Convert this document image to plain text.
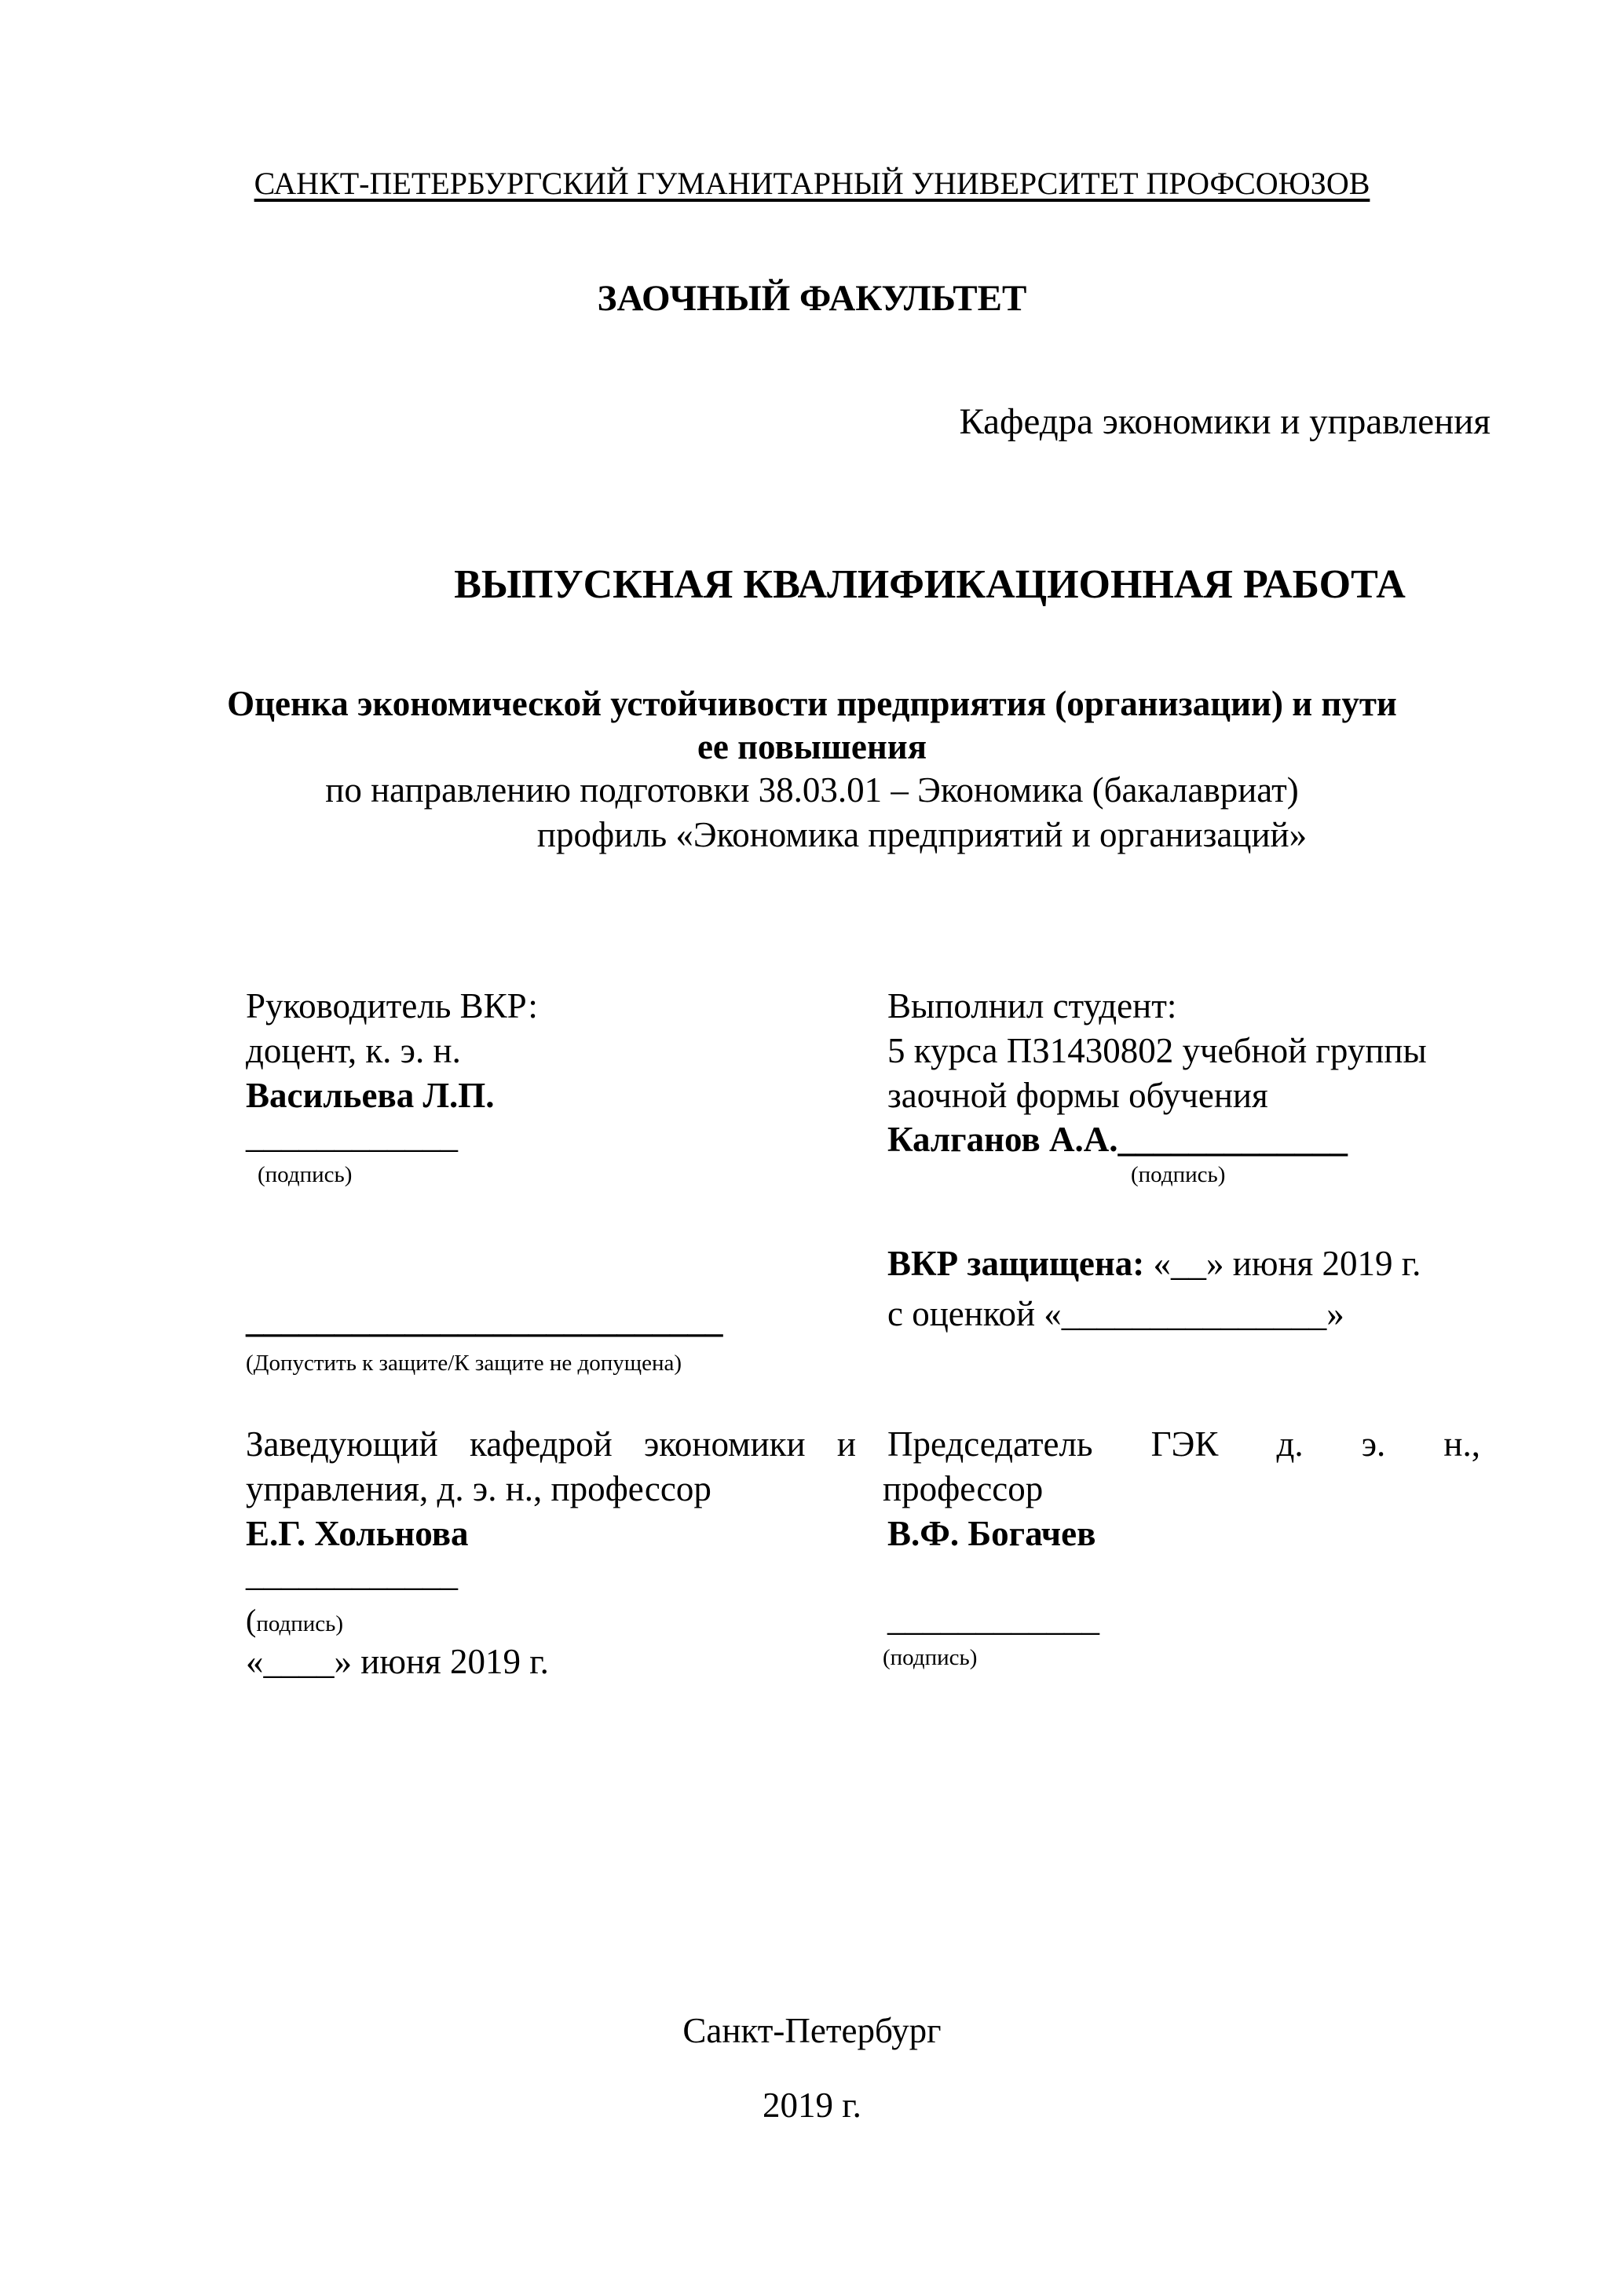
САНКТ-ПЕТЕРБУРГСКИЙ ГУМАНИТАРНЫЙ УНИВЕРСИТЕТ ПРОФСОЮЗОВ
ЗАОЧНЫЙ ФАКУЛЬТЕТ
Кафедра экономики и управления
ВЫПУСКНАЯ КВАЛИФИКАЦИОННАЯ РАБОТА
Оценка экономической устойчивости предприятия (организации) и пути
ее повышения
по направлению подготовки 38.03.01 – Экономика (бакалавриат)
профиль «Экономика предприятий и организаций»
Руководитель ВКР:
доцент, к. э. н.
Васильева Л.П.
____________
(подпись)
Выполнил студент:
5 курса ПЗ1430802 учебной группы
заочной формы обучения
Калганов А.А._____________
(подпись)
___________________________
(Допустить к защите/К защите не допущена)
ВКР защищена: «__» июня 2019 г.
с оценкой «_______________»
Заведующий кафедрой экономики и
управления, д. э. н., профессор
Е.Г. Хольнова
____________
(подпись)
«____» июня 2019 г.
Председатель ГЭК д. э. н.,
профессор
В.Ф. Богачев
____________
(подпись)
Санкт-Петербург
2019 г.
